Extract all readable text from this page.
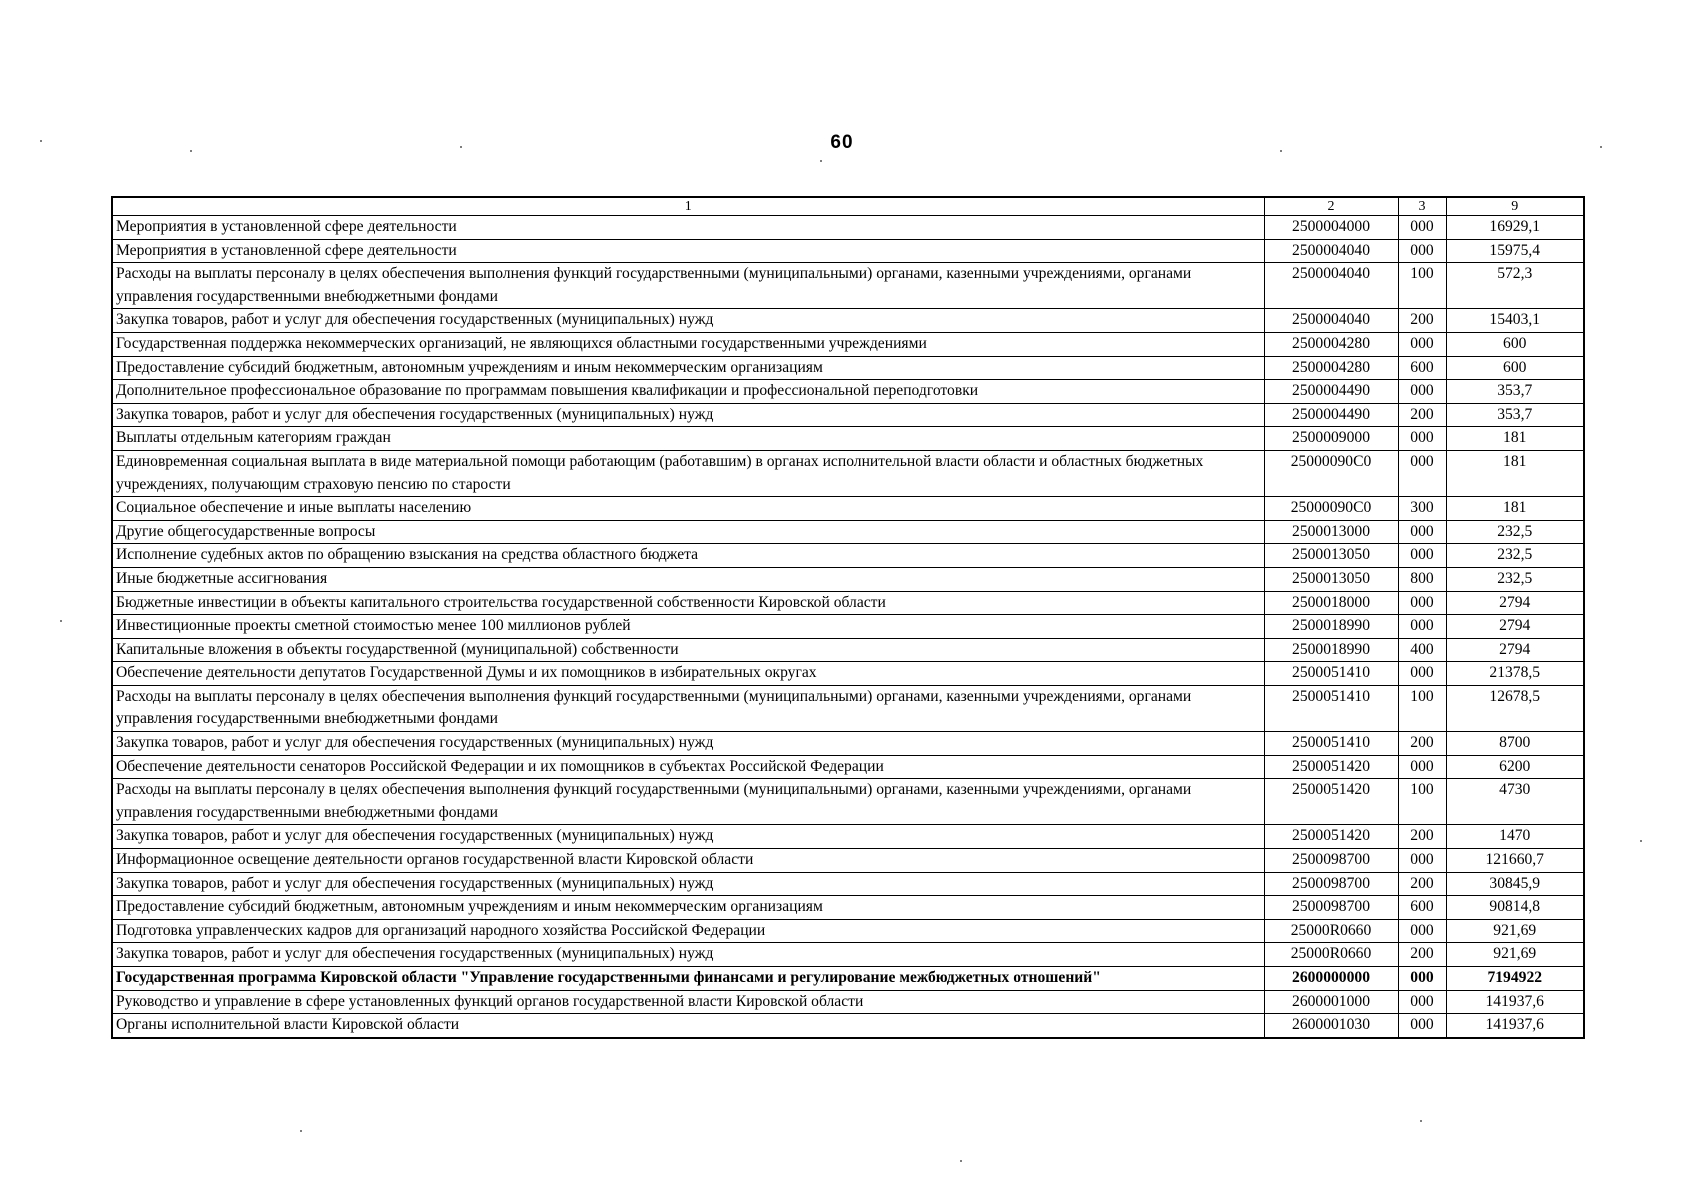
60
1	2	3	9
Мероприятия в установленной сфере деятельности	2500004000	000	16929,1
Мероприятия в установленной сфере деятельности	2500004040	000	15975,4
Расходы на выплаты персоналу в целях обеспечения выполнения функций государственными (муниципальными) органами, казенными учреждениями, органами управления государственными внебюджетными фондами	2500004040	100	572,3
Закупка товаров, работ и услуг для обеспечения государственных (муниципальных) нужд	2500004040	200	15403,1
Государственная поддержка некоммерческих организаций, не являющихся областными государственными учреждениями	2500004280	000	600
Предоставление субсидий бюджетным, автономным учреждениям и иным некоммерческим организациям	2500004280	600	600
Дополнительное профессиональное образование по программам повышения квалификации и профессиональной переподготовки	2500004490	000	353,7
Закупка товаров, работ и услуг для обеспечения государственных (муниципальных) нужд	2500004490	200	353,7
Выплаты отдельным категориям граждан	2500009000	000	181
Единовременная социальная выплата в виде материальной помощи работающим (работавшим) в органах исполнительной власти области и областных бюджетных учреждениях, получающим страховую пенсию по старости	25000090С0	000	181
Социальное обеспечение и иные выплаты населению	25000090С0	300	181
Другие общегосударственные вопросы	2500013000	000	232,5
Исполнение судебных актов по обращению взыскания на средства областного бюджета	2500013050	000	232,5
Иные бюджетные ассигнования	2500013050	800	232,5
Бюджетные инвестиции в объекты капитального строительства государственной собственности Кировской области	2500018000	000	2794
Инвестиционные проекты сметной стоимостью менее 100 миллионов рублей	2500018990	000	2794
Капитальные вложения в объекты государственной (муниципальной) собственности	2500018990	400	2794
Обеспечение деятельности депутатов Государственной Думы и их помощников в избирательных округах	2500051410	000	21378,5
Расходы на выплаты персоналу в целях обеспечения выполнения функций государственными (муниципальными) органами, казенными учреждениями, органами управления государственными внебюджетными фондами	2500051410	100	12678,5
Закупка товаров, работ и услуг для обеспечения государственных (муниципальных) нужд	2500051410	200	8700
Обеспечение деятельности сенаторов Российской Федерации и их помощников в субъектах Российской Федерации	2500051420	000	6200
Расходы на выплаты персоналу в целях обеспечения выполнения функций государственными (муниципальными) органами, казенными учреждениями, органами управления государственными внебюджетными фондами	2500051420	100	4730
Закупка товаров, работ и услуг для обеспечения государственных (муниципальных) нужд	2500051420	200	1470
Информационное освещение деятельности органов государственной власти Кировской области	2500098700	000	121660,7
Закупка товаров, работ и услуг для обеспечения государственных (муниципальных) нужд	2500098700	200	30845,9
Предоставление субсидий бюджетным, автономным учреждениям и иным некоммерческим организациям	2500098700	600	90814,8
Подготовка управленческих кадров для организаций народного хозяйства Российской Федерации	25000R0660	000	921,69
Закупка товаров, работ и услуг для обеспечения государственных (муниципальных) нужд	25000R0660	200	921,69
Государственная программа Кировской области "Управление государственными финансами и регулирование межбюджетных отношений"	2600000000	000	7194922
Руководство и управление в сфере установленных функций органов государственной власти Кировской области	2600001000	000	141937,6
Органы исполнительной власти Кировской области	2600001030	000	141937,6
